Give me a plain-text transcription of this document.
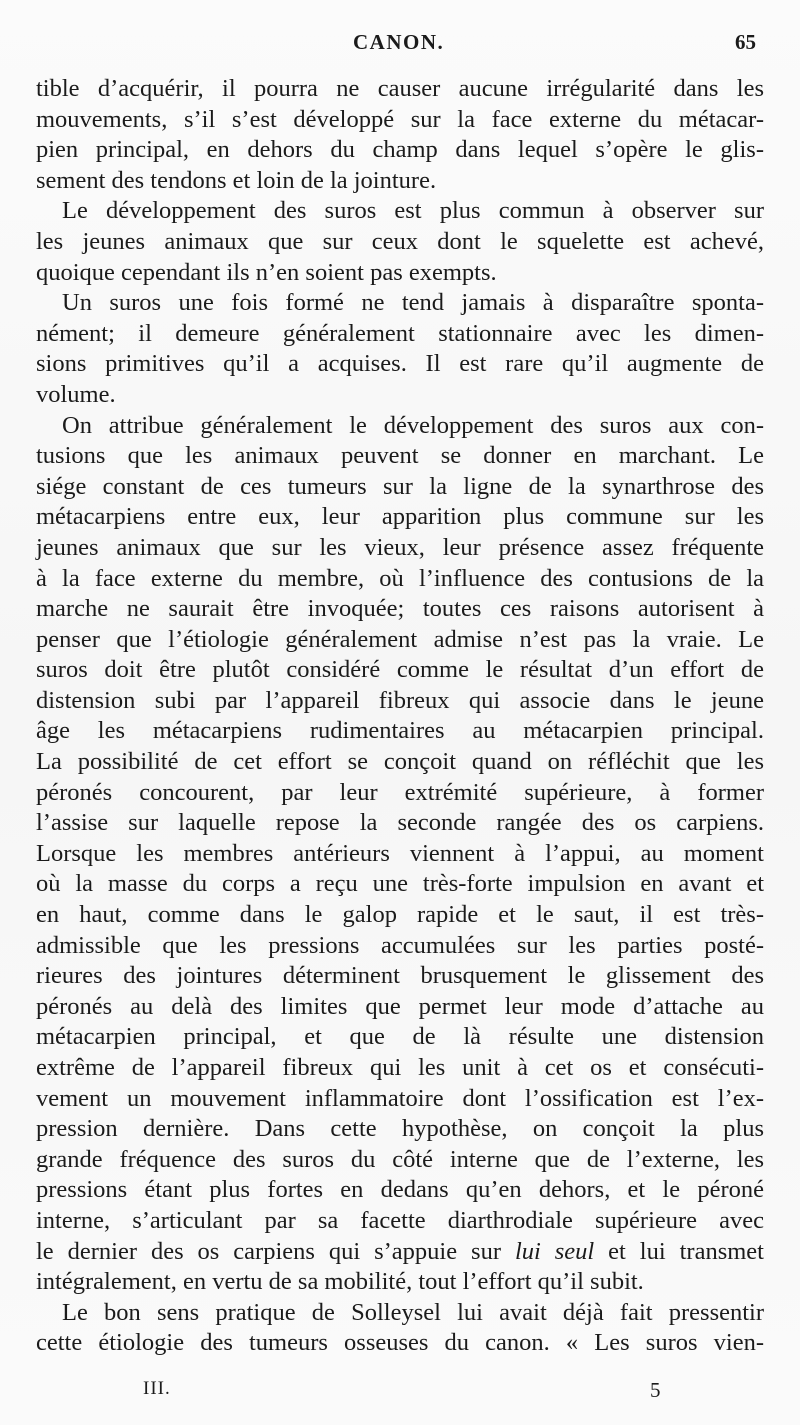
CANON.	65
tible d’acquérir, il pourra ne causer aucune irrégularité dans les
mouvements, s’il s’est développé sur la face externe du métacar-
pien principal, en dehors du champ dans lequel s’opère le glis-
sement des tendons et loin de la jointure.
Le développement des suros est plus commun à observer sur
les jeunes animaux que sur ceux dont le squelette est achevé,
quoique cependant ils n’en soient pas exempts.
Un suros une fois formé ne tend jamais à disparaître sponta-
nément; il demeure généralement stationnaire avec les dimen-
sions primitives qu’il a acquises. Il est rare qu’il augmente de
volume.
On attribue généralement le développement des suros aux con-
tusions que les animaux peuvent se donner en marchant. Le
siége constant de ces tumeurs sur la ligne de la synarthrose des
métacarpiens entre eux, leur apparition plus commune sur les
jeunes animaux que sur les vieux, leur présence assez fréquente
à la face externe du membre, où l’influence des contusions de la
marche ne saurait être invoquée; toutes ces raisons autorisent à
penser que l’étiologie généralement admise n’est pas la vraie. Le
suros doit être plutôt considéré comme le résultat d’un effort de
distension subi par l’appareil fibreux qui associe dans le jeune
âge les métacarpiens rudimentaires au métacarpien principal.
La possibilité de cet effort se conçoit quand on réfléchit que les
péronés concourent, par leur extrémité supérieure, à former
l’assise sur laquelle repose la seconde rangée des os carpiens.
Lorsque les membres antérieurs viennent à l’appui, au moment
où la masse du corps a reçu une très-forte impulsion en avant et
en haut, comme dans le galop rapide et le saut, il est très-
admissible que les pressions accumulées sur les parties posté-
rieures des jointures déterminent brusquement le glissement des
péronés au delà des limites que permet leur mode d’attache au
métacarpien principal, et que de là résulte une distension
extrême de l’appareil fibreux qui les unit à cet os et consécuti-
vement un mouvement inflammatoire dont l’ossification est l’ex-
pression dernière. Dans cette hypothèse, on conçoit la plus
grande fréquence des suros du côté interne que de l’externe, les
pressions étant plus fortes en dedans qu’en dehors, et le péroné
interne, s’articulant par sa facette diarthrodiale supérieure avec
le dernier des os carpiens qui s’appuie sur lui seul et lui transmet
intégralement, en vertu de sa mobilité, tout l’effort qu’il subit.
Le bon sens pratique de Solleysel lui avait déjà fait pressentir
cette étiologie des tumeurs osseuses du canon. « Les suros vien-
III.	5
